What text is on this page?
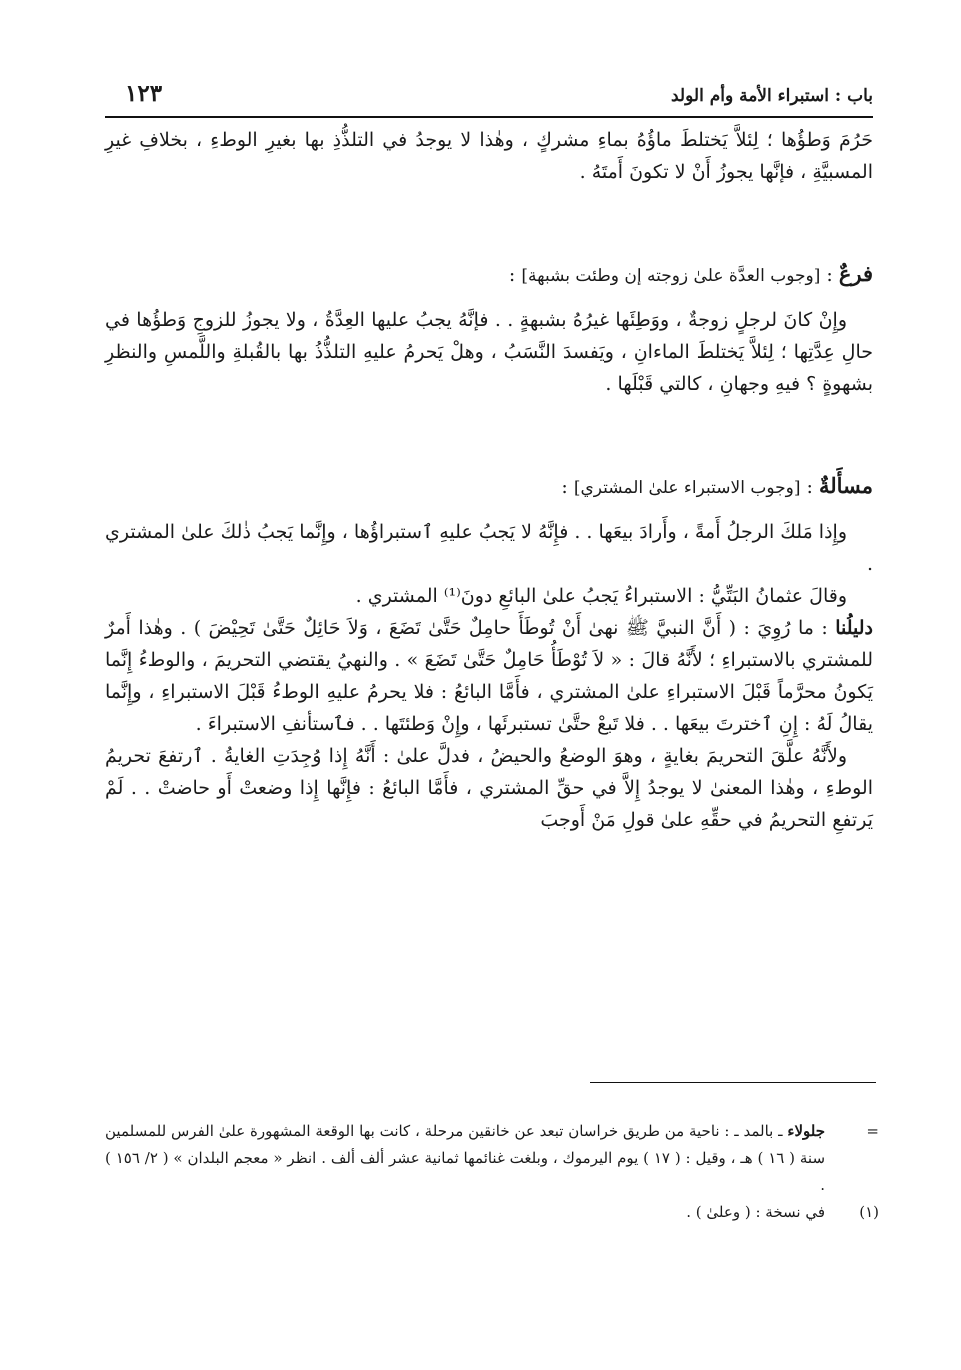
باب : استبراء الأمة وأم الولد
١٢٣

حَرُمَ وَطؤُها ؛ لِئلاَّ يَختلطَ ماؤُهُ بماءِ مشركٍ ، وهٰذا لا يوجدُ في التلذُّذِ بها بغيرِ الوطءِ ، بخلافِ غيرِ المسبيَّةِ ، فإنَّها يجوزُ أَنْ لا تكونَ أَمتَهُ .

فرعٌ : [وجوب العدَّة علىٰ زوجته إن وطئت بشبهة] :

وإِنْ كانَ لرجلٍ زوجةٌ ، ووَطِئَها غيرُهُ بشبهةٍ . . فإنَّهُ يجبُ عليها العِدَّةُ ، ولا يجوزُ للزوجِ وَطؤُها في حالِ عِدَّتِها ؛ لِئلاَّ يَختلطَ الماءانِ ، ويَفسدَ النَّسَبُ ، وهلْ يَحرمُ عليهِ التلذُّذُ بها بالقُبلةِ واللَّمسِ والنظرِ بشهوةٍ ؟ فيهِ وجهانِ ، كالتي قَبْلَها .

مسأَلةٌ : [وجوب الاستبراء علىٰ المشتري] :

وإِذا مَلكَ الرجلُ أَمةً ، وأَرادَ بيعَها . . فإِنَّهُ لا يَجبُ عليهِ ٱستبراؤُها ، وإِنَّما يَجبُ ذٰلكَ علىٰ المشتري .

وقالَ عثمانُ البَتِّيُّ : الاستبراءُ يَجبُ علىٰ البائعِ دونَ⁽¹⁾ المشتري .

دليلُنا : ما رُوِيَ : ( أَنَّ النبيَّ ﷺ نهىٰ أَنْ تُوطَأَ حامِلٌ حَتَّىٰ تَضَعَ ، وَلاَ حَائِلٌ حَتَّىٰ تَحِيْضَ ) . وهٰذا أَمرٌ للمشتري بالاستبراءِ ؛ لأَنَّهُ قالَ : « لاَ تُوْطَأُ حَامِلٌ حَتَّىٰ تَضَعَ » . والنهيُ يقتضي التحريمَ ، والوطءُ إِنَّما يَكونُ محرَّماً قَبْلَ الاستبراءِ علىٰ المشتري ، فأَمَّا البائعُ : فلا يحرمُ عليهِ الوطءُ قَبْلَ الاستبراءِ ، وإِنَّما يقالُ لَهُ : إِنِ ٱخترتَ بيعَها . . فلا تَبعْ حتَّىٰ تستبرئَها ، وإِنْ وَطئتَها . . فٱستأنفِ الاستبراءَ .

ولأَنَّهُ علَّقَ التحريمَ بغايةٍ ، وهوَ الوضعُ والحيضُ ، فدلَّ علىٰ : أَنَّهُ إِذا وُجِدَتِ الغايةُ . ٱرتفعَ تحريمُ الوطءِ ، وهٰذا المعنىٰ لا يوجدُ إِلاَّ في حقِّ المشتري ، فأَمَّا البائعُ : فإِنَّها إِذا وضعتْ أَو حاضتْ . . لَمْ يَرتفعِ التحريمُ في حقِّهِ علىٰ قولِ مَنْ أَوجبَ

=
جلولاء ـ بالمد ـ : ناحية من طريق خراسان تبعد عن خانقين مرحلة ، كانت بها الوقعة المشهورة علىٰ الفرس للمسلمين سنة ( ١٦ ) هـ ، وقيل : ( ١٧ ) يوم اليرموك ، وبلغت غنائمها ثمانية عشر ألف ألف . انظر « معجم البلدان » ( ٢/ ١٥٦ ) .

(١)
في نسخة : ( وعلىٰ ) .
